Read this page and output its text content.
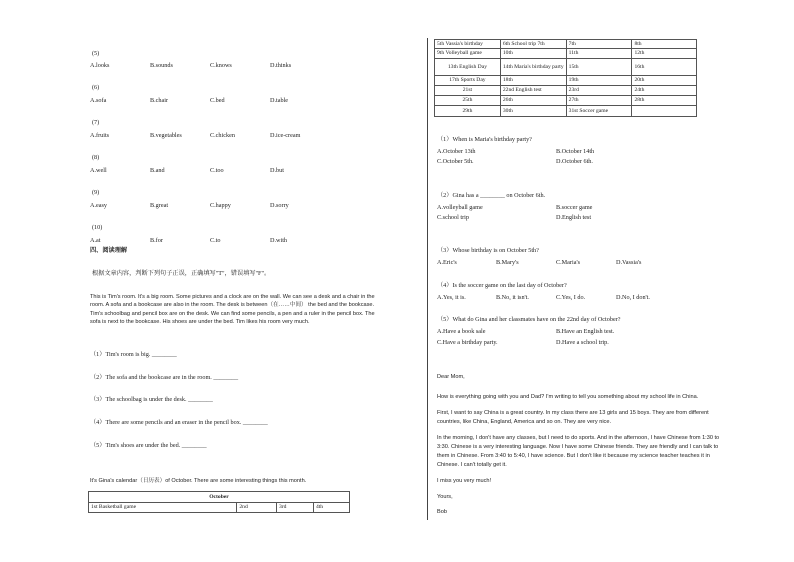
(5)
A.looks	B.sounds	C.knows	D.thinks
(6)
A.sofa	B.chair	C.bed	D.table
(7)
A.fruits	B.vegetables	C.chicken	D.ice-cream
(8)
A.well	B.and	C.too	D.but
(9)
A.easy	B.great	C.happy	D.sorry
(10)
A.at	B.for	C.to	D.with
四、阅读理解
根据文章内容，判断下列句子正误，正确填写"T"，错误填写"F"。
This is Tim's room. It's a big room. Some pictures and a clock are on the wall. We can see a desk and a chair in the
room. A sofa and a bookcase are also in the room. The desk is between（在……中间） the bed and the bookcase.
Tim's schoolbag and pencil box are on the desk. We can find some pencils, a pen and a ruler in the pencil box. The
sofa is next to the bookcase. His shoes are under the bed. Tim likes his room very much.
（1）Tim's room is big. ________
（2）The sofa and the bookcase are in the room. ________
（3）The schoolbag is under the desk. ________
（4）There are some pencils and an eraser in the pencil box. ________
（5）Tim's shoes are under the bed. ________
It's Gina's calendar（日历表）of October. There are some interesting things this month.
October
1st Basketball game	2nd	3rd	4th
5th Vassia's birthday	6th School trip 7th	7th	8th
9th Volleyball game	10th	11th	12th
13th English Day	14th Maria's birthday party	15th	16th
17th Sports Day	18th	19th	20th
21st	22nd English test	23rd	24th
25th	26th	27th	28th
29th	30th	31st Soccer game	
（1）When is Maria's birthday party?
A.October 13th	B.October 14th
C.October 5th.	D.October 6th.
（2）Gina has a ________ on October 6th.
A.volleyball game	B.soccer game
C.school trip	D.English test
（3）Whose birthday is on October 5th?
A.Eric's	B.Mary's	C.Maria's	D.Vassia's
（4）Is the soccer game on the last day of October?
A.Yes, it is.	B.No, it isn't.	C.Yes, I do.	D.No, I don't.
（5）What do Gina and her classmates have on the 22nd day of October?
A.Have a book sale	B.Have an English test.
C.Have a birthday party.	D.Have a school trip.
Dear Mom,
How is everything going with you and Dad? I'm writing to tell you something about my school life in China.
First, I want to say China is a great country. In my class there are 13 girls and 15 boys. They are from different
countries, like China, England, America and so on. They are very nice.
In the morning, I don't have any classes, but I need to do sports. And in the afternoon, I have Chinese from 1:30 to
3:30. Chinese is a very interesting language. Now I have some Chinese friends. They are friendly and I can talk to
them in Chinese. From 3:40 to 5:40, I have science. But I don't like it because my science teacher teaches it in
Chinese. I can't totally get it.
I miss you very much!
Yours,
Bob
